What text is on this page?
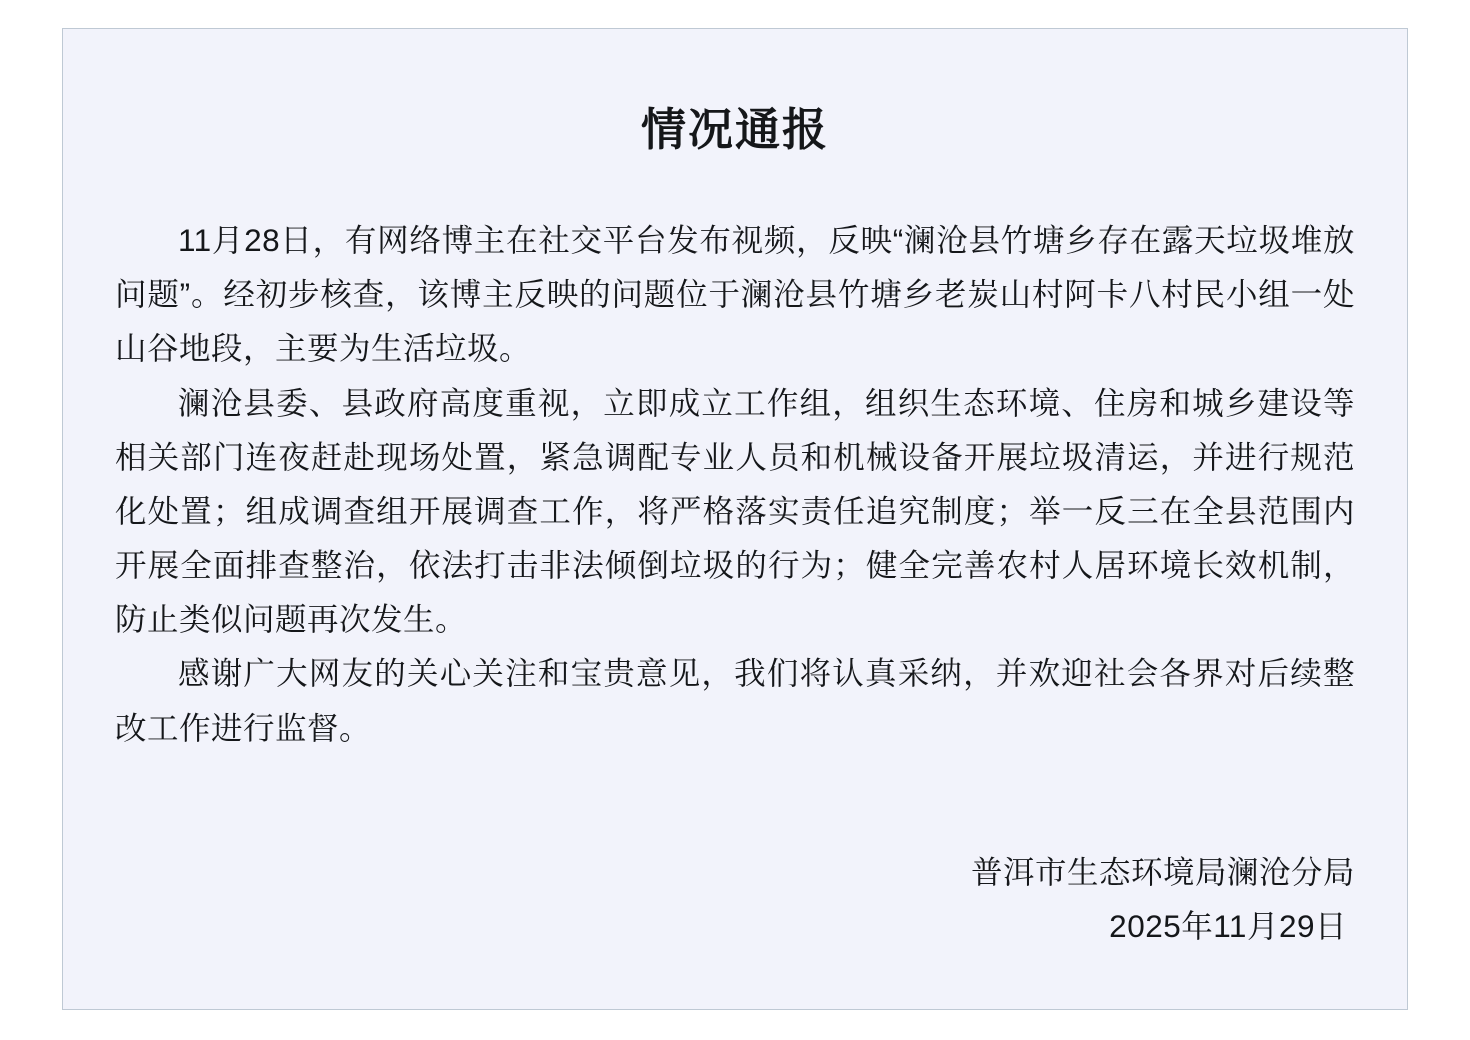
情况通报

11月28日，有网络博主在社交平台发布视频，反映“澜沧县竹塘乡存在露天垃圾堆放问题”。经初步核查，该博主反映的问题位于澜沧县竹塘乡老炭山村阿卡八村民小组一处山谷地段，主要为生活垃圾。

澜沧县委、县政府高度重视，立即成立工作组，组织生态环境、住房和城乡建设等相关部门连夜赶赴现场处置，紧急调配专业人员和机械设备开展垃圾清运，并进行规范化处置；组成调查组开展调查工作，将严格落实责任追究制度；举一反三在全县范围内开展全面排查整治，依法打击非法倾倒垃圾的行为；健全完善农村人居环境长效机制，防止类似问题再次发生。

感谢广大网友的关心关注和宝贵意见，我们将认真采纳，并欢迎社会各界对后续整改工作进行监督。

普洱市生态环境局澜沧分局
2025年11月29日
